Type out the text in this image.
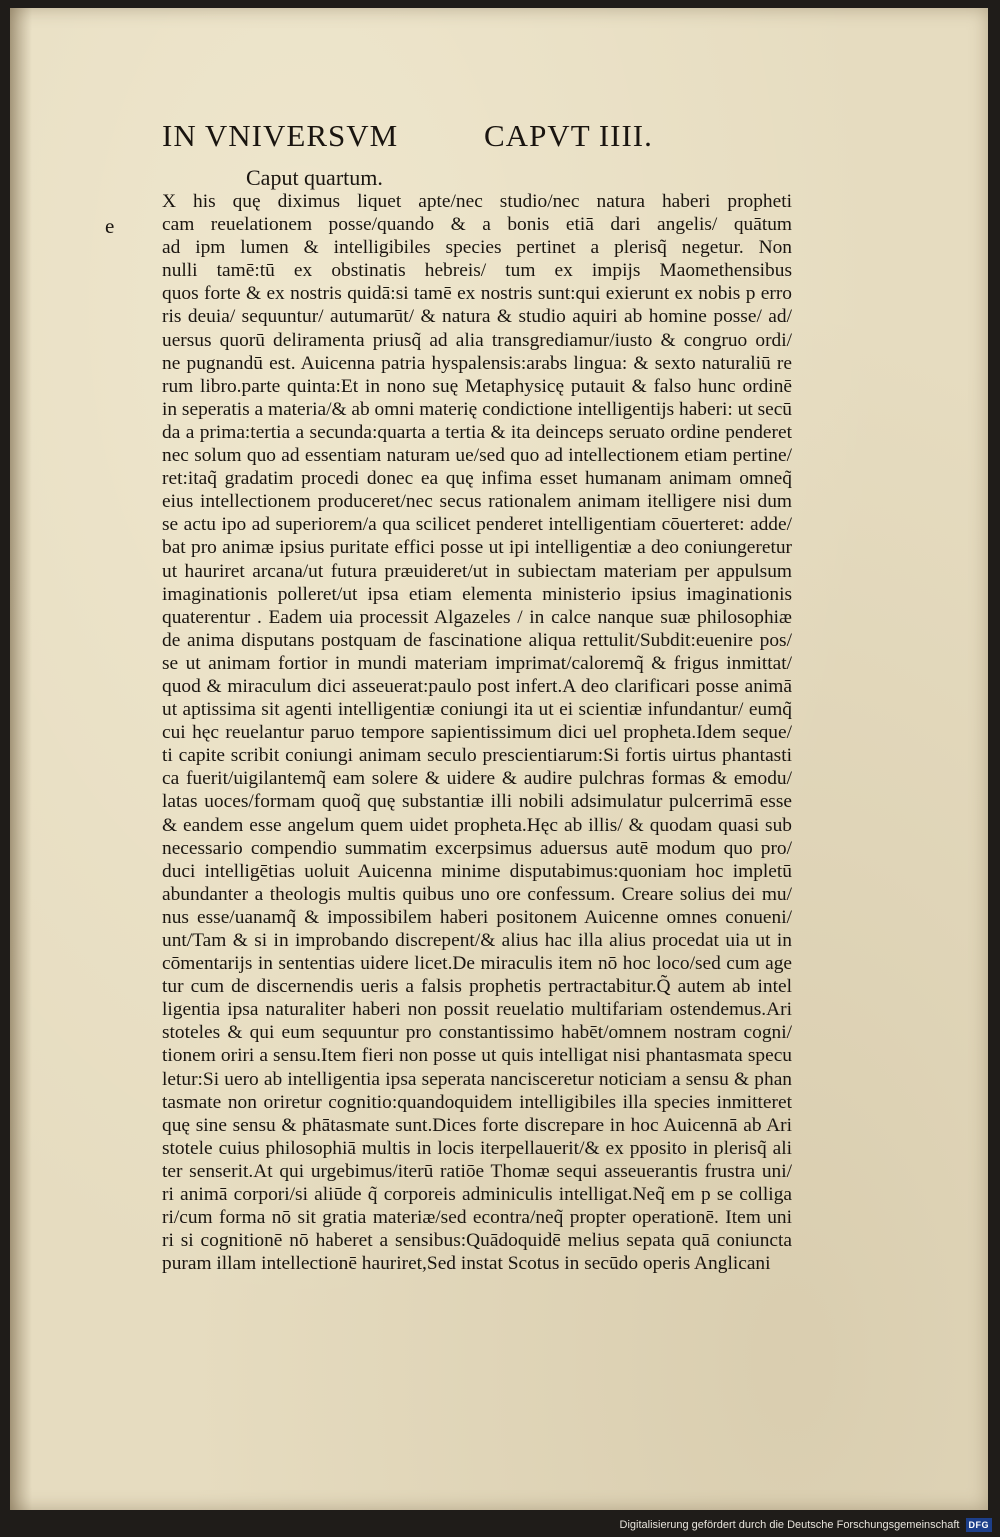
IN VNIVERSVM	CAPVT IIII.
Caput quartum.
e
X his quę diximus liquet apte/nec studio/nec natura haberi propheti
cam reuelationem posse/quando & a bonis etiā dari angelis/ quātum
ad ipm lumen & intelligibiles species pertinet a plerisq̃ negetur. Non
nulli tamē:tū ex obstinatis hebreis/ tum ex impijs Maomethensibus
quos forte & ex nostris quidā:si tamē ex nostris sunt:qui exierunt ex nobis p erro
ris deuia/ sequuntur/ autumarūt/ & natura & studio aquiri ab homine posse/ ad/
uersus quorū deliramenta priusq̃ ad alia transgrediamur/iusto & congruo ordi/
ne pugnandū est. Auicenna patria hyspalensis:arabs lingua: & sexto naturaliū re
rum libro.parte quinta:Et in nono suę Metaphysicę putauit & falso hunc ordinē
in seperatis a materia/& ab omni materię condictione intelligentijs haberi: ut secū
da a prima:tertia a secunda:quarta a tertia & ita deinceps seruato ordine penderet
nec solum quo ad essentiam naturam ue/sed quo ad intellectionem etiam pertine/
ret:itaq̃ gradatim procedi donec ea quę infima esset humanam animam omneq̃
eius intellectionem produceret/nec secus rationalem animam itelligere nisi dum
se actu ipo ad superiorem/a qua scilicet penderet intelligentiam cōuerteret: adde/
bat pro animæ ipsius puritate effici posse ut ipi intelligentiæ a deo coniungeretur
ut hauriret arcana/ut futura præuideret/ut in subiectam materiam per appulsum
imaginationis polleret/ut ipsa etiam elementa ministerio ipsius imaginationis
quaterentur . Eadem uia processit Algazeles / in calce nanque suæ philosophiæ
de anima disputans postquam de fascinatione aliqua rettulit/Subdit:euenire pos/
se ut animam fortior in mundi materiam imprimat/caloremq̃ & frigus inmittat/
quod & miraculum dici asseuerat:paulo post infert.A deo clarificari posse animā
ut aptissima sit agenti intelligentiæ coniungi ita ut ei scientiæ infundantur/ eumq̃
cui hęc reuelantur paruo tempore sapientissimum dici uel propheta.Idem seque/
ti capite scribit coniungi animam seculo prescientiarum:Si fortis uirtus phantasti
ca fuerit/uigilantemq̃ eam solere & uidere & audire pulchras formas & emodu/
latas uoces/formam quoq̃ quę substantiæ illi nobili adsimulatur pulcerrimā esse
& eandem esse angelum quem uidet propheta.Hęc ab illis/ & quodam quasi sub
necessario compendio summatim excerpsimus aduersus autē modum quo pro/
duci intelligētias uoluit Auicenna minime disputabimus:quoniam hoc impletū
abundanter a theologis multis quibus uno ore confessum. Creare solius dei mu/
nus esse/uanamq̃ & impossibilem haberi positonem Auicenne omnes conueni/
unt/Tam & si in improbando discrepent/& alius hac illa alius procedat uia ut in
cōmentarijs in sententias uidere licet.De miraculis item nō hoc loco/sed cum age
tur cum de discernendis ueris a falsis prophetis pertractabitur.Q̃ autem ab intel
ligentia ipsa naturaliter haberi non possit reuelatio multifariam ostendemus.Ari
stoteles & qui eum sequuntur pro constantissimo habēt/omnem nostram cogni/
tionem oriri a sensu.Item fieri non posse ut quis intelligat nisi phantasmata specu
letur:Si uero ab intelligentia ipsa seperata nancisceretur noticiam a sensu & phan
tasmate non oriretur cognitio:quandoquidem intelligibiles illa species inmitteret
quę sine sensu & phātasmate sunt.Dices forte discrepare in hoc Auicennā ab Ari
stotele cuius philosophiā multis in locis iterpellauerit/& ex pposito in plerisq̃ ali
ter senserit.At qui urgebimus/iterū ratiōe Thomæ sequi asseuerantis frustra uni/
ri animā corpori/si aliūde q̃ corporeis adminiculis intelligat.Neq̃ em p se colliga
ri/cum forma nō sit gratia materiæ/sed econtra/neq̃ propter operationē. Item uni
ri si cognitionē nō haberet a sensibus:Quādoquidē melius sepata quā coniuncta
puram illam intellectionē hauriret,Sed instat Scotus in secūdo operis Anglicani
Digitalisierung gefördert durch die Deutsche Forschungsgemeinschaft	DFG
